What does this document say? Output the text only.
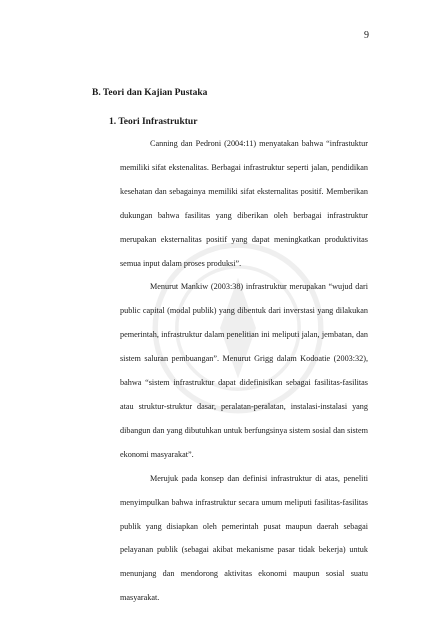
9
B. Teori dan Kajian Pustaka
1. Teori Infrastruktur

Canning dan Pedroni (2004:11) menyatakan bahwa “infrastuktur memiliki sifat ekstenalitas. Berbagai infrastruktur seperti jalan, pendidikan kesehatan dan sebagainya memiliki sifat eksternalitas positif. Memberikan dukungan bahwa fasilitas yang diberikan oleh berbagai infrastruktur merupakan eksternalitas positif yang dapat meningkatkan produktivitas semua input dalam proses produksi”.

Menurut Mankiw (2003:38) infrastruktur merupakan “wujud dari public capital (modal publik) yang dibentuk dari inverstasi yang dilakukan pemerintah, infrastruktur dalam penelitian ini meliputi jalan, jembatan, dan sistem saluran pembuangan”. Menurut Grigg dalam Kodoatie (2003:32), bahwa “sistem infrastruktur dapat didefinisikan sebagai fasilitas-fasilitas atau struktur-struktur dasar, peralatan-peralatan, instalasi-instalasi yang dibangun dan yang dibutuhkan untuk berfungsinya sistem sosial dan sistem ekonomi masyarakat”.

Merujuk pada konsep dan definisi infrastruktur di atas, peneliti menyimpulkan bahwa infrastruktur secara umum meliputi fasilitas-fasilitas publik yang disiapkan oleh pemerintah pusat maupun daerah sebagai pelayanan publik (sebagai akibat mekanisme pasar tidak bekerja) untuk menunjang dan mendorong aktivitas ekonomi maupun sosial suatu masyarakat.
